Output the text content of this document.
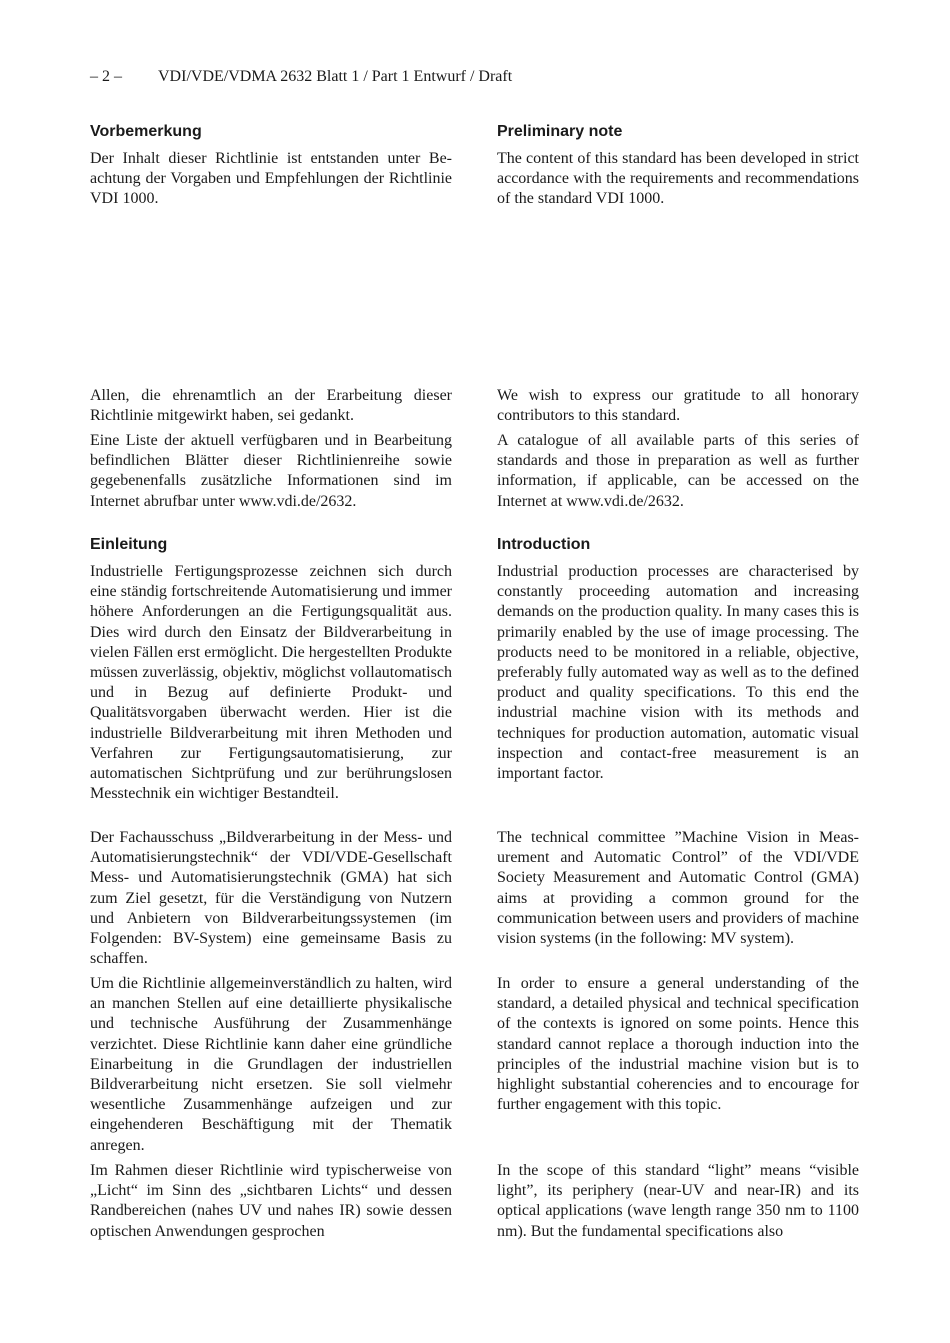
– 2 – VDI/VDE/VDMA 2632 Blatt 1 / Part 1 Entwurf / Draft
Vorbemerkung

Der Inhalt dieser Richtlinie ist entstanden unter Beachtung der Vorgaben und Empfehlungen der Richtlinie VDI 1000.

Allen, die ehrenamtlich an der Erarbeitung dieser Richtlinie mitgewirkt haben, sei gedankt.

Eine Liste der aktuell verfügbaren und in Bearbeitung befindlichen Blätter dieser Richtlinienreihe sowie gegebenenfalls zusätzliche Informationen sind im Internet abrufbar unter www.vdi.de/2632.

Einleitung

Industrielle Fertigungsprozesse zeichnen sich durch eine ständig fortschreitende Automatisierung und immer höhere Anforderungen an die Fertigungsqualität aus. Dies wird durch den Einsatz der Bildverarbeitung in vielen Fällen erst ermöglicht. Die hergestellten Produkte müssen zuverlässig, objektiv, möglichst vollautomatisch und in Bezug auf definierte Produkt- und Qualitätsvorgaben überwacht werden. Hier ist die industrielle Bildverarbeitung mit ihren Methoden und Verfahren zur Fertigungsautomatisierung, zur automatischen Sichtprüfung und zur berührungslosen Messtechnik ein wichtiger Bestandteil.

Der Fachausschuss „Bildverarbeitung in der Mess- und Automatisierungstechnik“ der VDI/VDE-Gesellschaft Mess- und Automatisierungstechnik (GMA) hat sich zum Ziel gesetzt, für die Verständigung von Nutzern und Anbietern von Bildverarbeitungssystemen (im Folgenden: BV-System) eine gemeinsame Basis zu schaffen.

Um die Richtlinie allgemeinverständlich zu halten, wird an manchen Stellen auf eine detaillierte physikalische und technische Ausführung der Zusammenhänge verzichtet. Diese Richtlinie kann daher eine gründliche Einarbeitung in die Grundlagen der industriellen Bildverarbeitung nicht ersetzen. Sie soll vielmehr wesentliche Zusammenhänge aufzeigen und zur eingehenderen Beschäftigung mit der Thematik anregen.

Im Rahmen dieser Richtlinie wird typischerweise von „Licht“ im Sinn des „sichtbaren Lichts“ und dessen Randbereichen (nahes UV und nahes IR) sowie dessen optischen Anwendungen gesprochen

Preliminary note

The content of this standard has been developed in strict accordance with the requirements and recommendations of the standard VDI 1000.

We wish to express our gratitude to all honorary contributors to this standard.

A catalogue of all available parts of this series of standards and those in preparation as well as further information, if applicable, can be accessed on the Internet at www.vdi.de/2632.

Introduction

Industrial production processes are characterised by constantly proceeding automation and increasing demands on the production quality. In many cases this is primarily enabled by the use of image processing. The products need to be monitored in a reliable, objective, preferably fully automated way as well as to the defined product and quality specifications. To this end the industrial machine vision with its methods and techniques for production automation, automatic visual inspection and contact-free measurement is an important factor.

The technical committee ”Machine Vision in Measurement and Automatic Control” of the VDI/VDE Society Measurement and Automatic Control (GMA) aims at providing a common ground for the communication between users and providers of machine vision systems (in the following: MV system).

In order to ensure a general understanding of the standard, a detailed physical and technical specification of the contexts is ignored on some points. Hence this standard cannot replace a thorough induction into the principles of the industrial machine vision but is to highlight substantial coherencies and to encourage for further engagement with this topic.

In the scope of this standard “light” means “visible light”, its periphery (near-UV and near-IR) and its optical applications (wave length range 350 nm to 1100 nm). But the fundamental specifications also
